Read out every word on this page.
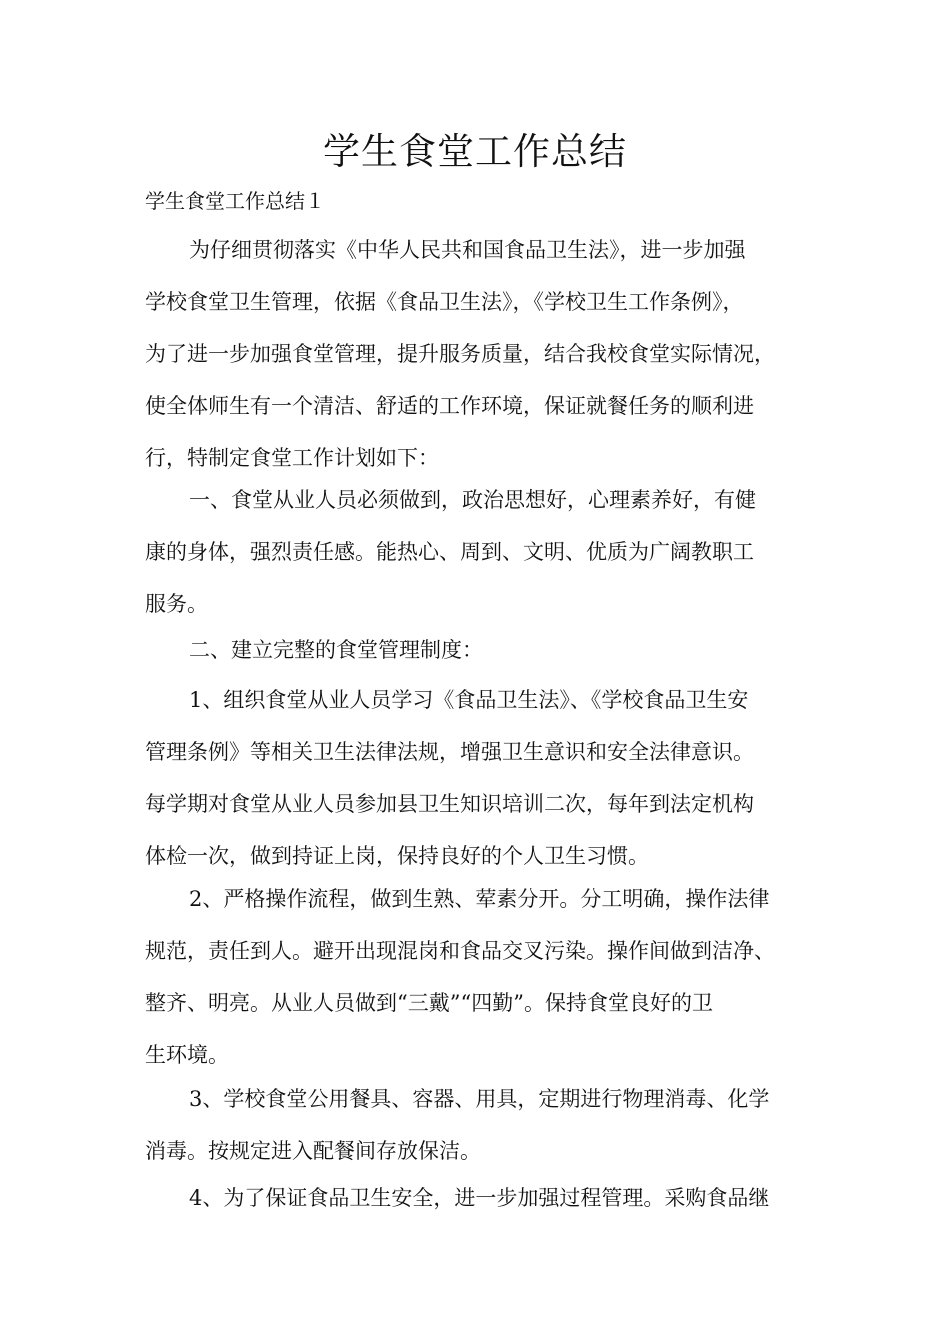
学生食堂工作总结
学生食堂工作总结１
为仔细贯彻落实《中华人民共和国食品卫生法》，进一步加强
学校食堂卫生管理，依据《食品卫生法》，《学校卫生工作条例》，
为了进一步加强食堂管理，提升服务质量，结合我校食堂实际情况，
使全体师生有一个清洁、舒适的工作环境，保证就餐任务的顺利进
行，特制定食堂工作计划如下：
一、食堂从业人员必须做到，政治思想好，心理素养好，有健
康的身体，强烈责任感。能热心、周到、文明、优质为广阔教职工
服务。
二、建立完整的食堂管理制度：
1、组织食堂从业人员学习《食品卫生法》、《学校食品卫生安
管理条例》等相关卫生法律法规，增强卫生意识和安全法律意识。
每学期对食堂从业人员参加县卫生知识培训二次，每年到法定机构
体检一次，做到持证上岗，保持良好的个人卫生习惯。
2、严格操作流程，做到生熟、荤素分开。分工明确，操作法律
规范，责任到人。避开出现混岗和食品交叉污染。操作间做到洁净、
整齐、明亮。从业人员做到“三戴”“四勤”。保持食堂良好的卫
生环境。
3、学校食堂公用餐具、容器、用具，定期进行物理消毒、化学
消毒。按规定进入配餐间存放保洁。
4、为了保证食品卫生安全，进一步加强过程管理。采购食品继
